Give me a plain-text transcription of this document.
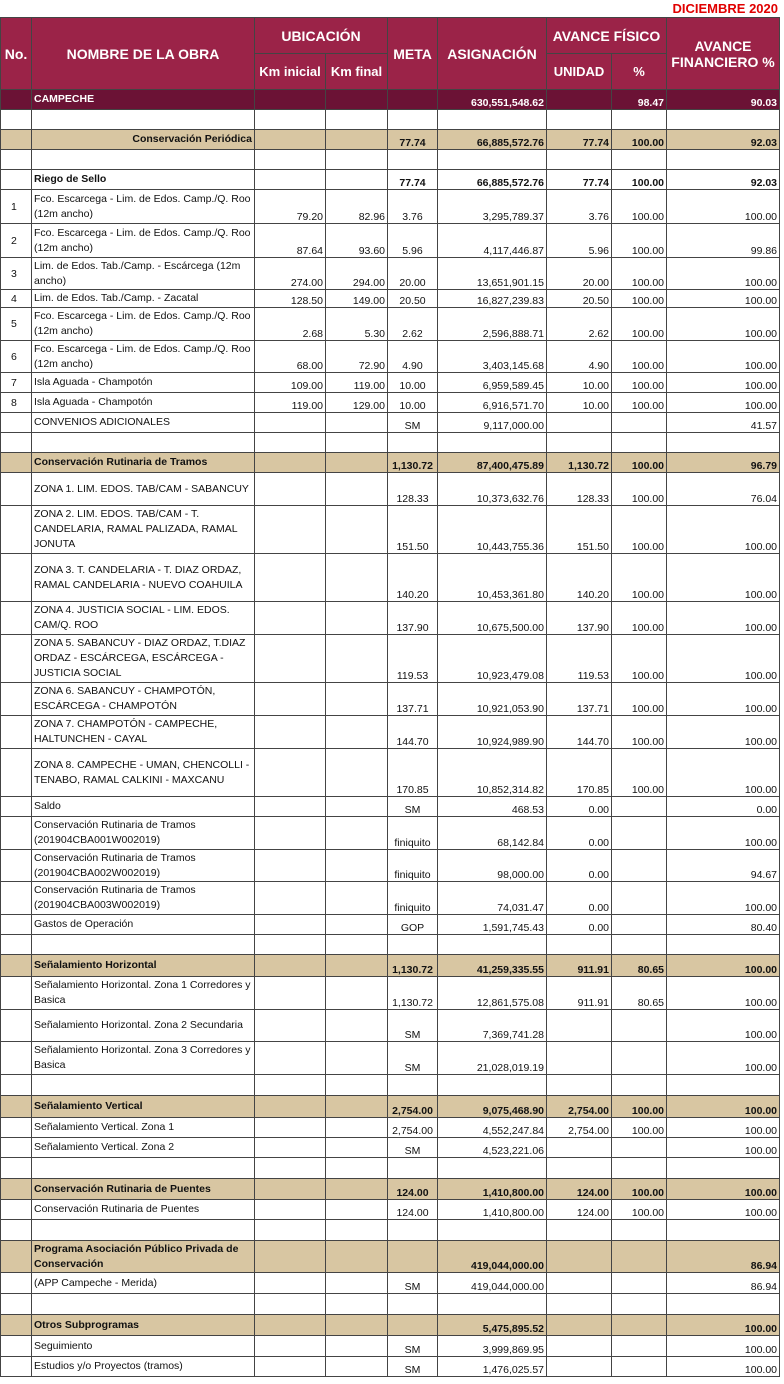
DICIEMBRE 2020
No.	NOMBRE DE LA OBRA	UBICACIÓN		META	ASIGNACIÓN	AVANCE FÍSICO		AVANCE FINANCIERO %
		Km inicial	Km final			UNIDAD	%	
	CAMPECHE				630,551,548.62		98.47	90.03

	Conservación Periódica			77.74	66,885,572.76	77.74	100.00	92.03

	Riego de Sello			77.74	66,885,572.76	77.74	100.00	92.03
1	Fco. Escarcega - Lim. de Edos. Camp./Q. Roo (12m ancho)	79.20	82.96	3.76	3,295,789.37	3.76	100.00	100.00
2	Fco. Escarcega - Lim. de Edos. Camp./Q. Roo (12m ancho)	87.64	93.60	5.96	4,117,446.87	5.96	100.00	99.86
3	Lim. de Edos. Tab./Camp. - Escárcega (12m ancho)	274.00	294.00	20.00	13,651,901.15	20.00	100.00	100.00
4	Lim. de Edos. Tab./Camp. - Zacatal	128.50	149.00	20.50	16,827,239.83	20.50	100.00	100.00
5	Fco. Escarcega - Lim. de Edos. Camp./Q. Roo (12m ancho)	2.68	5.30	2.62	2,596,888.71	2.62	100.00	100.00
6	Fco. Escarcega - Lim. de Edos. Camp./Q. Roo (12m ancho)	68.00	72.90	4.90	3,403,145.68	4.90	100.00	100.00
7	Isla Aguada - Champotón	109.00	119.00	10.00	6,959,589.45	10.00	100.00	100.00
8	Isla Aguada - Champotón	119.00	129.00	10.00	6,916,571.70	10.00	100.00	100.00
	CONVENIOS ADICIONALES			SM	9,117,000.00			41.57

	Conservación Rutinaria de Tramos			1,130.72	87,400,475.89	1,130.72	100.00	96.79
	ZONA 1. LIM. EDOS. TAB/CAM - SABANCUY			128.33	10,373,632.76	128.33	100.00	76.04
	ZONA 2. LIM. EDOS. TAB/CAM - T. CANDELARIA, RAMAL PALIZADA, RAMAL JONUTA			151.50	10,443,755.36	151.50	100.00	100.00
	ZONA 3. T. CANDELARIA - T. DIAZ ORDAZ, RAMAL CANDELARIA - NUEVO COAHUILA			140.20	10,453,361.80	140.20	100.00	100.00
	ZONA 4. JUSTICIA SOCIAL - LIM. EDOS. CAM/Q. ROO			137.90	10,675,500.00	137.90	100.00	100.00
	ZONA 5. SABANCUY - DIAZ ORDAZ, T.DIAZ ORDAZ - ESCÁRCEGA, ESCÁRCEGA - JUSTICIA SOCIAL			119.53	10,923,479.08	119.53	100.00	100.00
	ZONA 6. SABANCUY - CHAMPOTÓN, ESCÁRCEGA - CHAMPOTÓN			137.71	10,921,053.90	137.71	100.00	100.00
	ZONA 7. CHAMPOTÓN - CAMPECHE, HALTUNCHEN - CAYAL			144.70	10,924,989.90	144.70	100.00	100.00
	ZONA 8. CAMPECHE - UMAN, CHENCOLLI - TENABO, RAMAL CALKINI - MAXCANU			170.85	10,852,314.82	170.85	100.00	100.00
	Saldo			SM	468.53	0.00		0.00
	Conservación Rutinaria de Tramos (201904CBA001W002019)			finiquito	68,142.84	0.00		100.00
	Conservación Rutinaria de Tramos (201904CBA002W002019)			finiquito	98,000.00	0.00		94.67
	Conservación Rutinaria de Tramos (201904CBA003W002019)			finiquito	74,031.47	0.00		100.00
	Gastos de Operación			GOP	1,591,745.43	0.00		80.40

	Señalamiento Horizontal			1,130.72	41,259,335.55	911.91	80.65	100.00
	Señalamiento Horizontal. Zona 1 Corredores y Basica			1,130.72	12,861,575.08	911.91	80.65	100.00
	Señalamiento Horizontal. Zona 2 Secundaria			SM	7,369,741.28			100.00
	Señalamiento Horizontal. Zona 3 Corredores y Basica			SM	21,028,019.19			100.00

	Señalamiento Vertical			2,754.00	9,075,468.90	2,754.00	100.00	100.00
	Señalamiento Vertical. Zona 1			2,754.00	4,552,247.84	2,754.00	100.00	100.00
	Señalamiento Vertical. Zona 2			SM	4,523,221.06			100.00

	Conservación Rutinaria de Puentes			124.00	1,410,800.00	124.00	100.00	100.00
	Conservación Rutinaria de Puentes			124.00	1,410,800.00	124.00	100.00	100.00

	Programa Asociación Público Privada de Conservación				419,044,000.00			86.94
	(APP Campeche - Merida)			SM	419,044,000.00			86.94

	Otros Subprogramas				5,475,895.52			100.00
	Seguimiento			SM	3,999,869.95			100.00
	Estudios y/o Proyectos (tramos)			SM	1,476,025.57			100.00
